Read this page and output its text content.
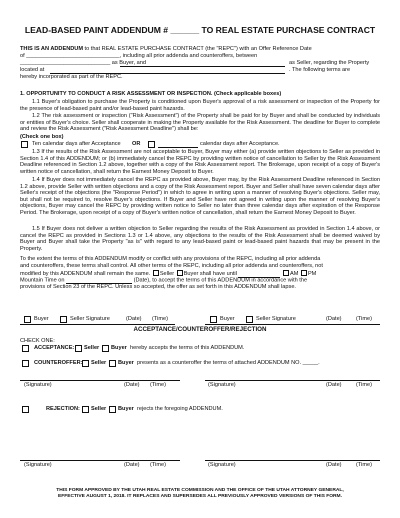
LEAD-BASED PAINT ADDENDUM # ______ TO REAL ESTATE PURCHASE CONTRACT
THIS IS AN ADDENDUM to that REAL ESTATE PURCHASE CONTRACT (the "REPC") with an Offer Reference Date
of ______________________________, including all prior addenda and counteroffers, between
_____________________________ as Buyer, and	as Seller, regarding the Property
located at	. The following terms are
hereby incorporated as part of the REPC.
1. OPPORTUNITY TO CONDUCT A RISK ASSESSMENT OR INSPECTION. (Check applicable boxes)
1.1 Buyer's obligation to purchase the Property is conditioned upon Buyer's approval of a risk assessment or inspection of the Property for the presence of lead-based paint and/or lead-based paint hazards.
1.2 The risk assessment or inspection ("Risk Assessment") of the Property shall be paid for by Buyer and shall be conducted by individuals or entities of Buyer's choice. Seller shall cooperate in making the Property available for the Risk Assessment. The deadline for Buyer to complete and review the Risk Assessment ("Risk Assessment Deadline") shall be:
(Check one box)
Ten calendar days after Acceptance OR	calendar days after Acceptance.
1.3 If the results of the Risk Assessment are not acceptable to Buyer, Buyer may either (a) provide written objections to Seller as provided in Section 1.4 of this ADDENDUM; or (b) immediately cancel the REPC by providing written notice of cancellation to Seller by the Risk Assessment Deadline referenced in Section 1.2 above, together with a copy of the Risk Assessment report. The Brokerage, upon receipt of a copy of Buyer's written notice of cancellation, shall return the Earnest Money Deposit to Buyer.
1.4 If Buyer does not immediately cancel the REPC as provided above, Buyer may, by the Risk Assessment Deadline referenced in Section 1.2 above, provide Seller with written objections and a copy of the Risk Assessment report. Buyer and Seller shall have seven calendar days after Seller's receipt of the objections (the "Response Period") in which to agree in writing upon a manner of resolving Buyer's objections. Seller may, but shall not be required to, resolve Buyer's objections. If Buyer and Seller have not agreed in writing upon the manner of resolving Buyer's objections, Buyer may cancel the REPC by providing written notice to Seller no later than three calendar days after expiration of the Response Period. The Brokerage, upon receipt of a copy of Buyer's written notice of cancellation, shall return the Earnest Money Deposit to Buyer.
1.5 If Buyer does not deliver a written objection to Seller regarding the results of the Risk Assessment as provided in Section 1.4 above, or cancel the REPC as provided in Sections 1.3 or 1.4 above, any objections to the results of the Risk Assessment shall be deemed waived by Buyer and Buyer shall take the Property "as is" with regard to any lead-based paint or lead-based paint hazards that may be present in the Property.
To the extent the terms of this ADDENDUM modify or conflict with any provisions of the REPC, including all prior addenda
and counteroffers, these terms shall control. All other terms of the REPC, including all prior addenda and counteroffers, not
modified by this ADDENDUM shall remain the same. Seller Buyer shall have until	AM PM
Mountain Time on	(Date), to accept the terms of this ADDENDUM in accordance with the
provisions of Section 23 of the REPC. Unless so accepted, the offer as set forth in this ADDENDUM shall lapse.
Buyer	Seller Signature	(Date) (Time)	Buyer	Seller Signature	(Date)	(Time)
ACCEPTANCE/COUNTEROFFER/REJECTION
CHECK ONE:
ACCEPTANCE: Seller Buyer hereby accepts the terms of this ADDENDUM.
COUNTEROFFER: Seller Buyer presents as a counteroffer the terms of attached ADDENDUM NO. _____.
(Signature)	(Date) (Time)	(Signature)	(Date)	(Time)
REJECTION: Seller Buyer rejects the foregoing ADDENDUM.
(Signature)	(Date) (Time)	(Signature)	(Date)	(Time)
THIS FORM APPROVED BY THE UTAH REAL ESTATE COMMISSION AND THE OFFICE OF THE UTAH ATTORNEY GENERAL,
EFFECTIVE AUGUST 1, 2018. IT REPLACES AND SUPERSEDES ALL PREVIOUSLY APPROVED VERSIONS OF THIS FORM.
